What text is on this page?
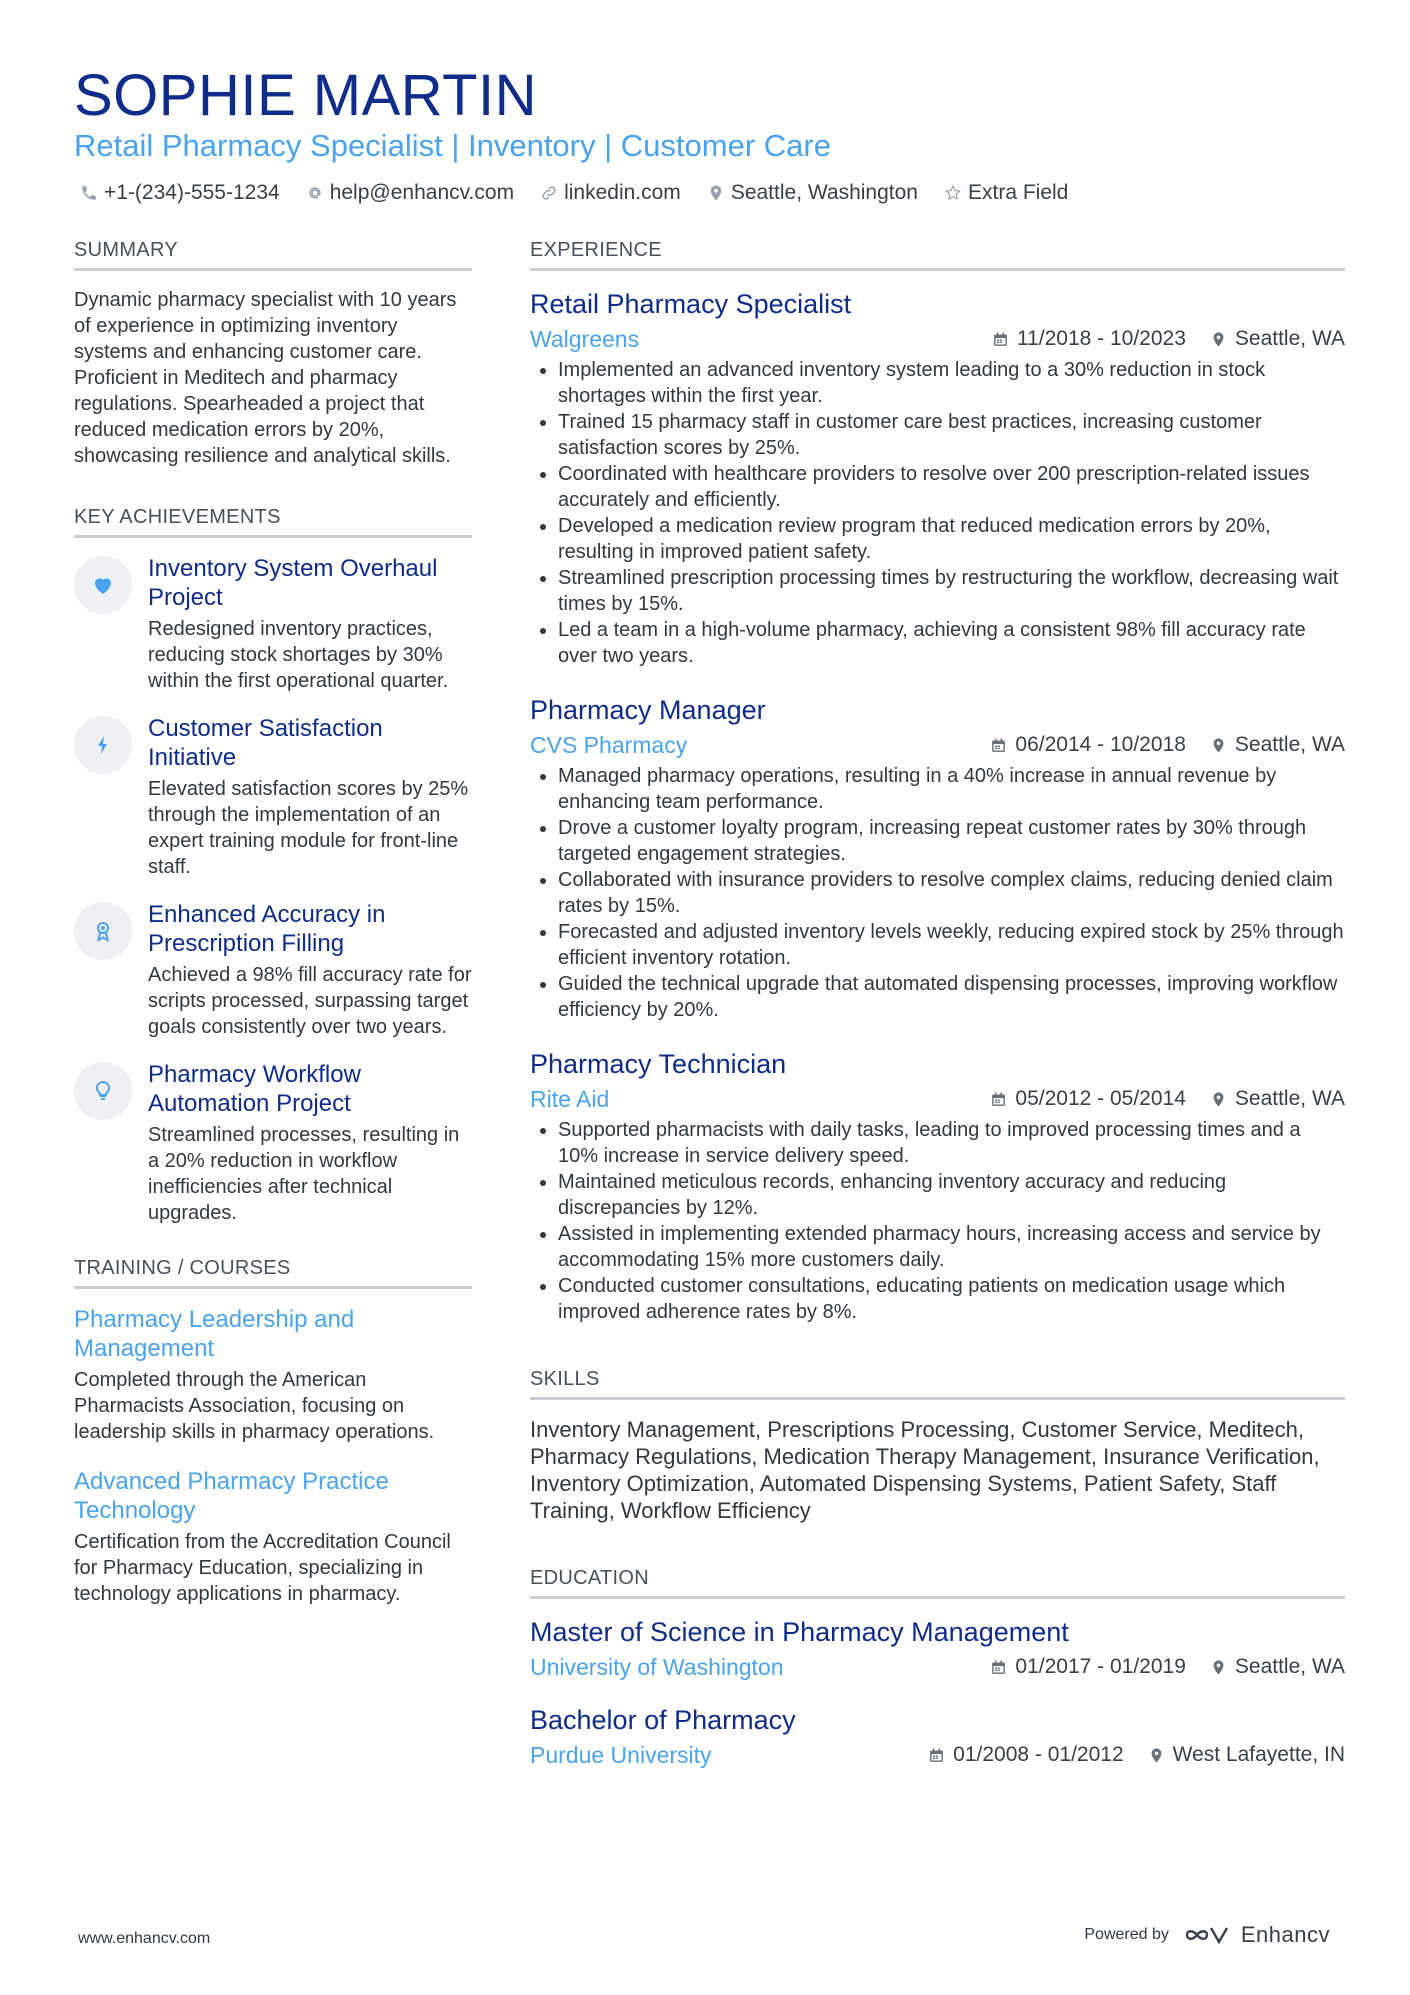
SOPHIE MARTIN
Retail Pharmacy Specialist | Inventory | Customer Care
+1-(234)-555-1234 help@enhancv.com linkedin.com Seattle, Washington Extra Field
SUMMARY

Dynamic pharmacy specialist with 10 years of experience in optimizing inventory systems and enhancing customer care. Proficient in Meditech and pharmacy regulations. Spearheaded a project that reduced medication errors by 20%, showcasing resilience and analytical skills.

KEY ACHIEVEMENTS
Inventory System Overhaul Project
Redesigned inventory practices, reducing stock shortages by 30% within the first operational quarter.
Customer Satisfaction Initiative
Elevated satisfaction scores by 25% through the implementation of an expert training module for front-line staff.
Enhanced Accuracy in Prescription Filling
Achieved a 98% fill accuracy rate for scripts processed, surpassing target goals consistently over two years.
Pharmacy Workflow Automation Project
Streamlined processes, resulting in a 20% reduction in workflow inefficiencies after technical upgrades.
TRAINING / COURSES
Pharmacy Leadership and Management
Completed through the American Pharmacists Association, focusing on leadership skills in pharmacy operations.
Advanced Pharmacy Practice Technology
Certification from the Accreditation Council for Pharmacy Education, specializing in technology applications in pharmacy.
EXPERIENCE
Retail Pharmacy Specialist
Walgreens	11/2018 - 10/2023 Seattle, WA
Implemented an advanced inventory system leading to a 30% reduction in stock shortages within the first year.
Trained 15 pharmacy staff in customer care best practices, increasing customer satisfaction scores by 25%.
Coordinated with healthcare providers to resolve over 200 prescription-related issues accurately and efficiently.
Developed a medication review program that reduced medication errors by 20%, resulting in improved patient safety.
Streamlined prescription processing times by restructuring the workflow, decreasing wait times by 15%.
Led a team in a high-volume pharmacy, achieving a consistent 98% fill accuracy rate over two years.
Pharmacy Manager
CVS Pharmacy	06/2014 - 10/2018 Seattle, WA
Managed pharmacy operations, resulting in a 40% increase in annual revenue by enhancing team performance.
Drove a customer loyalty program, increasing repeat customer rates by 30% through targeted engagement strategies.
Collaborated with insurance providers to resolve complex claims, reducing denied claim rates by 15%.
Forecasted and adjusted inventory levels weekly, reducing expired stock by 25% through efficient inventory rotation.
Guided the technical upgrade that automated dispensing processes, improving workflow efficiency by 20%.
Pharmacy Technician
Rite Aid	05/2012 - 05/2014 Seattle, WA
Supported pharmacists with daily tasks, leading to improved processing times and a 10% increase in service delivery speed.
Maintained meticulous records, enhancing inventory accuracy and reducing discrepancies by 12%.
Assisted in implementing extended pharmacy hours, increasing access and service by accommodating 15% more customers daily.
Conducted customer consultations, educating patients on medication usage which improved adherence rates by 8%.
SKILLS

Inventory Management, Prescriptions Processing, Customer Service, Meditech, Pharmacy Regulations, Medication Therapy Management, Insurance Verification, Inventory Optimization, Automated Dispensing Systems, Patient Safety, Staff Training, Workflow Efficiency

EDUCATION
Master of Science in Pharmacy Management
University of Washington	01/2017 - 01/2019 Seattle, WA
Bachelor of Pharmacy
Purdue University	01/2008 - 01/2012 West Lafayette, IN
www.enhancv.com	Powered by	Enhancv
